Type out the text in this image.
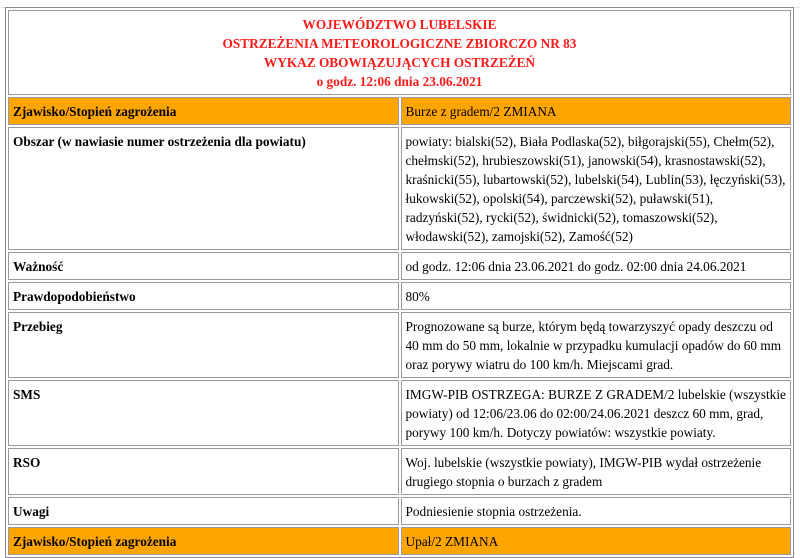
WOJEWÓDZTWO LUBELSKIE
OSTRZEŻENIA METEOROLOGICZNE ZBIORCZO NR 83
WYKAZ OBOWIĄZUJĄCYCH OSTRZEŻEŃ
o godz. 12:06 dnia 23.06.2021	

Zjawisko/Stopień zagrożenia	Burze z gradem/2 ZMIANA
Obszar (w nawiasie numer ostrzeżenia dla powiatu)	powiaty: bialski(52), Biała Podlaska(52), biłgorajski(55), Chełm(52), chełmski(52), hrubieszowski(51), janowski(54), krasnostawski(52), kraśnicki(55), lubartowski(52), lubelski(54), Lublin(53), łęczyński(53), łukowski(52), opolski(54), parczewski(52), puławski(51), radzyński(52), rycki(52), świdnicki(52), tomaszowski(52), włodawski(52), zamojski(52), Zamość(52)
Ważność	od godz. 12:06 dnia 23.06.2021 do godz. 02:00 dnia 24.06.2021
Prawdopodobieństwo	80%
Przebieg	Prognozowane są burze, którym będą towarzyszyć opady deszczu od 40 mm do 50 mm, lokalnie w przypadku kumulacji opadów do 60 mm oraz porywy wiatru do 100 km/h. Miejscami grad.
SMS	IMGW-PIB OSTRZEGA: BURZE Z GRADEM/2 lubelskie (wszystkie powiaty) od 12:06/23.06 do 02:00/24.06.2021 deszcz 60 mm, grad, porywy 100 km/h. Dotyczy powiatów: wszystkie powiaty.
RSO	Woj. lubelskie (wszystkie powiaty), IMGW-PIB wydał ostrzeżenie drugiego stopnia o burzach z gradem
Uwagi	Podniesienie stopnia ostrzeżenia.
Zjawisko/Stopień zagrożenia	Upał/2 ZMIANA
